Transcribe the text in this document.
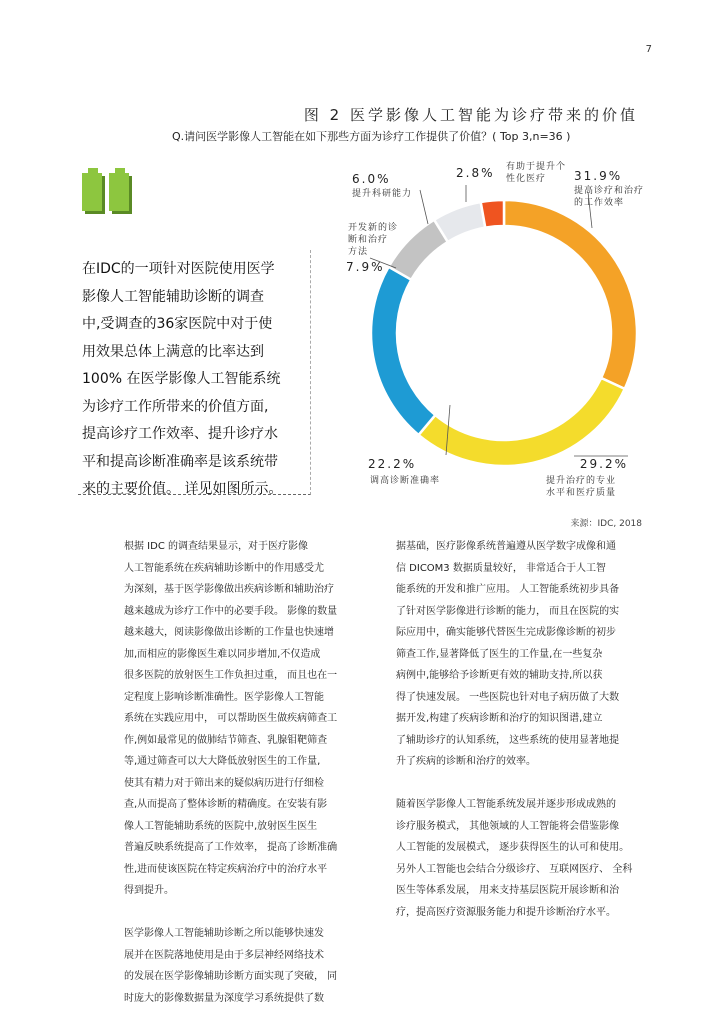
7
图 2 医学影像人工智能为诊疗带来的价值
Q.请问医学影像人工智能在如下那些方面为诊疗工作提供了价值？( Top 3,n=36 )
在IDC的一项针对医院使用医学
影像人工智能辅助诊断的调查
中,受调查的36家医院中对于使
用效果总体上满意的比率达到
100% 在医学影像人工智能系统
为诊疗工作所带来的价值方面,
提高诊疗工作效率、提升诊疗水
平和提高诊断准确率是该系统带
来的主要价值。 详见如图所示。
31.9%
提高诊疗和治疗
的工作效率
29.2%
提升治疗的专业
水平和医疗质量
22.2%
调高诊断准确率
7.9%
开发新的诊
断和治疗
方法
6.0%
提升科研能力
2.8% 有助于提升个
性化医疗
来源：IDC, 2018
根据 IDC 的调查结果显示，对于医疗影像
人工智能系统在疾病辅助诊断中的作用感受尤
为深刻，基于医学影像做出疾病诊断和辅助治疗
越来越成为诊疗工作中的必要手段。 影像的数量
越来越大，阅读影像做出诊断的工作量也快速增
加,而相应的影像医生难以同步增加,不仅造成
很多医院的放射医生工作负担过重， 而且也在一
定程度上影响诊断准确性。医学影像人工智能
系统在实践应用中， 可以帮助医生做疾病筛查工
作,例如最常见的做肺结节筛查、乳腺钼靶筛查
等,通过筛查可以大大降低放射医生的工作量,
使其有精力对于筛出来的疑似病历进行仔细检
查,从而提高了整体诊断的精确度。在安装有影
像人工智能辅助系统的医院中,放射医生医生
普遍反映系统提高了工作效率， 提高了诊断准确
性,进而使该医院在特定疾病治疗中的治疗水平
得到提升。
医学影像人工智能辅助诊断之所以能够快速发
展并在医院落地使用是由于多层神经网络技术
的发展在医学影像辅助诊断方面实现了突破， 同
时庞大的影像数据量为深度学习系统提供了数
据基础，医疗影像系统普遍遵从医学数字成像和通
信 DICOM3 数据质量较好， 非常适合于人工智
能系统的开发和推广应用。 人工智能系统初步具备
了针对医学影像进行诊断的能力， 而且在医院的实
际应用中，确实能够代替医生完成影像诊断的初步
筛查工作,显著降低了医生的工作量,在一些复杂
病例中,能够给予诊断更有效的辅助支持,所以获
得了快速发展。 一些医院也针对电子病历做了大数
据开发,构建了疾病诊断和治疗的知识图谱,建立
了辅助诊疗的认知系统， 这些系统的使用显著地提
升了疾病的诊断和治疗的效率。
随着医学影像人工智能系统发展并逐步形成成熟的
诊疗服务模式， 其他领域的人工智能将会借鉴影像
人工智能的发展模式， 逐步获得医生的认可和使用。
另外人工智能也会结合分级诊疗、 互联网医疗、 全科
医生等体系发展， 用来支持基层医院开展诊断和治
疗，提高医疗资源服务能力和提升诊断治疗水平。
